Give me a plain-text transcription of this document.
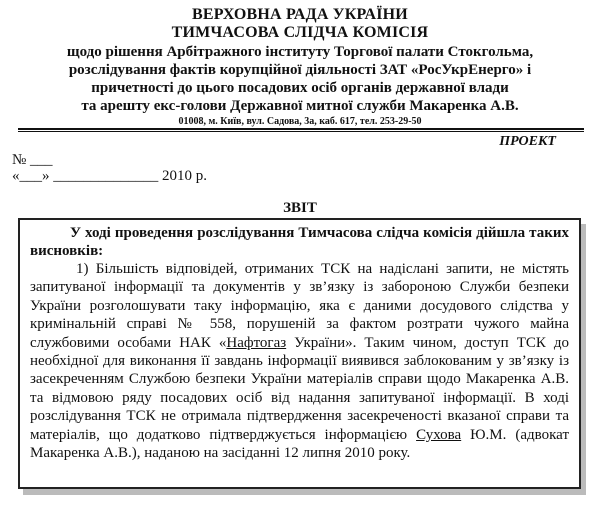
ВЕРХОВНА РАДА УКРАЇНИ
ТИМЧАСОВА СЛІДЧА КОМІСІЯ
щодо рішення Арбітражного інституту Торгової палати Стокгольма,
розслідування фактів корупційної діяльності ЗАТ «РосУкрЕнерго» і
причетності до цього посадових осіб органів державної влади
та арешту екс-голови Державної митної служби Макаренка А.В.
01008, м. Київ, вул. Садова, 3а, каб. 617, тел. 253-29-50
ПРОЕКТ
№ ___
«___» ______________ 2010 р.
ЗВІТ

У ході проведення розслідування Тимчасова слідча комісія дійшла таких висновків:

1) Більшість відповідей, отриманих ТСК на надіслані запити, не містять запитуваної інформації та документів у зв’язку із забороною Служби безпеки України розголошувати таку інформацію, яка є даними досудового слідства у кримінальній справі № 558, порушеній за фактом розтрати чужого майна службовими особами НАК «Нафтогаз України». Таким чином, доступ ТСК до необхідної для виконання її завдань інформації виявився заблокованим у зв’язку із засекреченням Службою безпеки України матеріалів справи щодо Макаренка А.В. та відмовою ряду посадових осіб від надання запитуваної інформації. В ході розслідування ТСК не отримала підтвердження засекреченості вказаної справи та матеріалів, що додатково підтверджується інформацією Сухова Ю.М. (адвокат Макаренка А.В.), наданою на засіданні 12 липня 2010 року.
